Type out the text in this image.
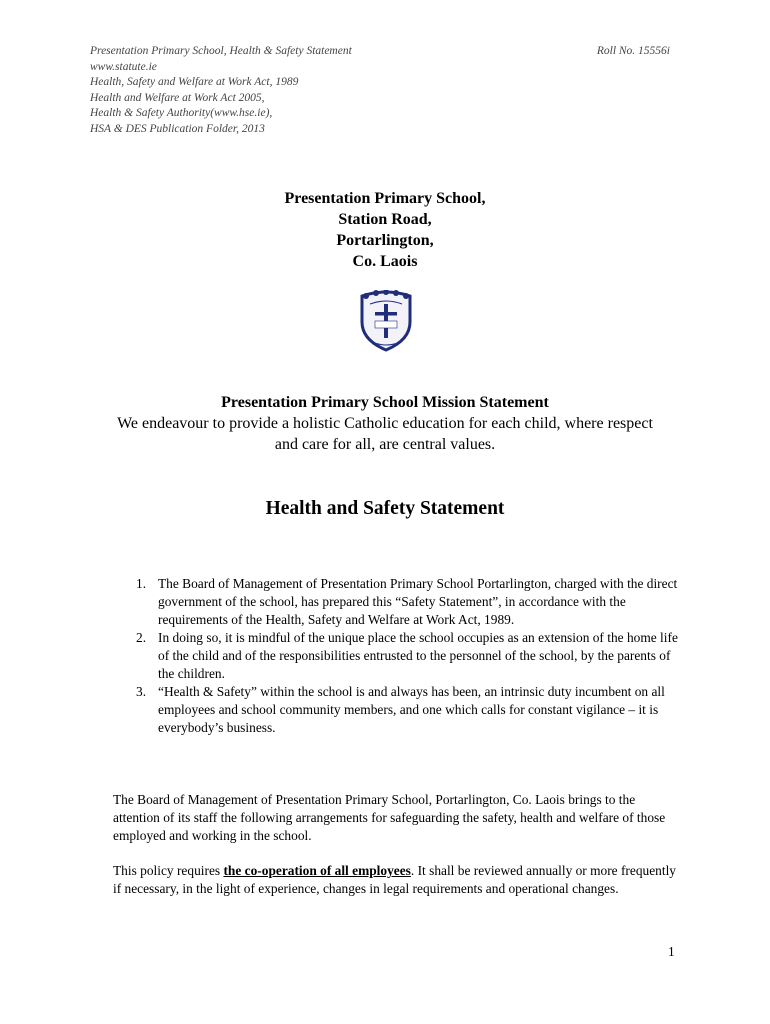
Presentation Primary School, Health & Safety Statement
www.statute.ie
Health, Safety and Welfare at Work Act, 1989
Health and Welfare at Work Act 2005,
Health & Safety Authority(www.hse.ie),
HSA & DES Publication Folder, 2013
Roll No. 15556i
Presentation Primary School,
Station Road,
Portarlington,
Co. Laois
Presentation Primary School Mission Statement
We endeavour to provide a holistic Catholic education for each child, where respect and care for all, are central values.
Health and Safety Statement
1. The Board of Management of Presentation Primary School Portarlington, charged with the direct government of the school, has prepared this “Safety Statement”, in accordance with the requirements of the Health, Safety and Welfare at Work Act, 1989.
2. In doing so, it is mindful of the unique place the school occupies as an extension of the home life of the child and of the responsibilities entrusted to the personnel of the school, by the parents of the children.
3. “Health & Safety” within the school is and always has been, an intrinsic duty incumbent on all employees and school community members, and one which calls for constant vigilance – it is everybody’s business.

The Board of Management of Presentation Primary School, Portarlington, Co. Laois brings to the attention of its staff the following arrangements for safeguarding the safety, health and welfare of those employed and working in the school.

This policy requires the co-operation of all employees. It shall be reviewed annually or more frequently if necessary, in the light of experience, changes in legal requirements and operational changes.

1
